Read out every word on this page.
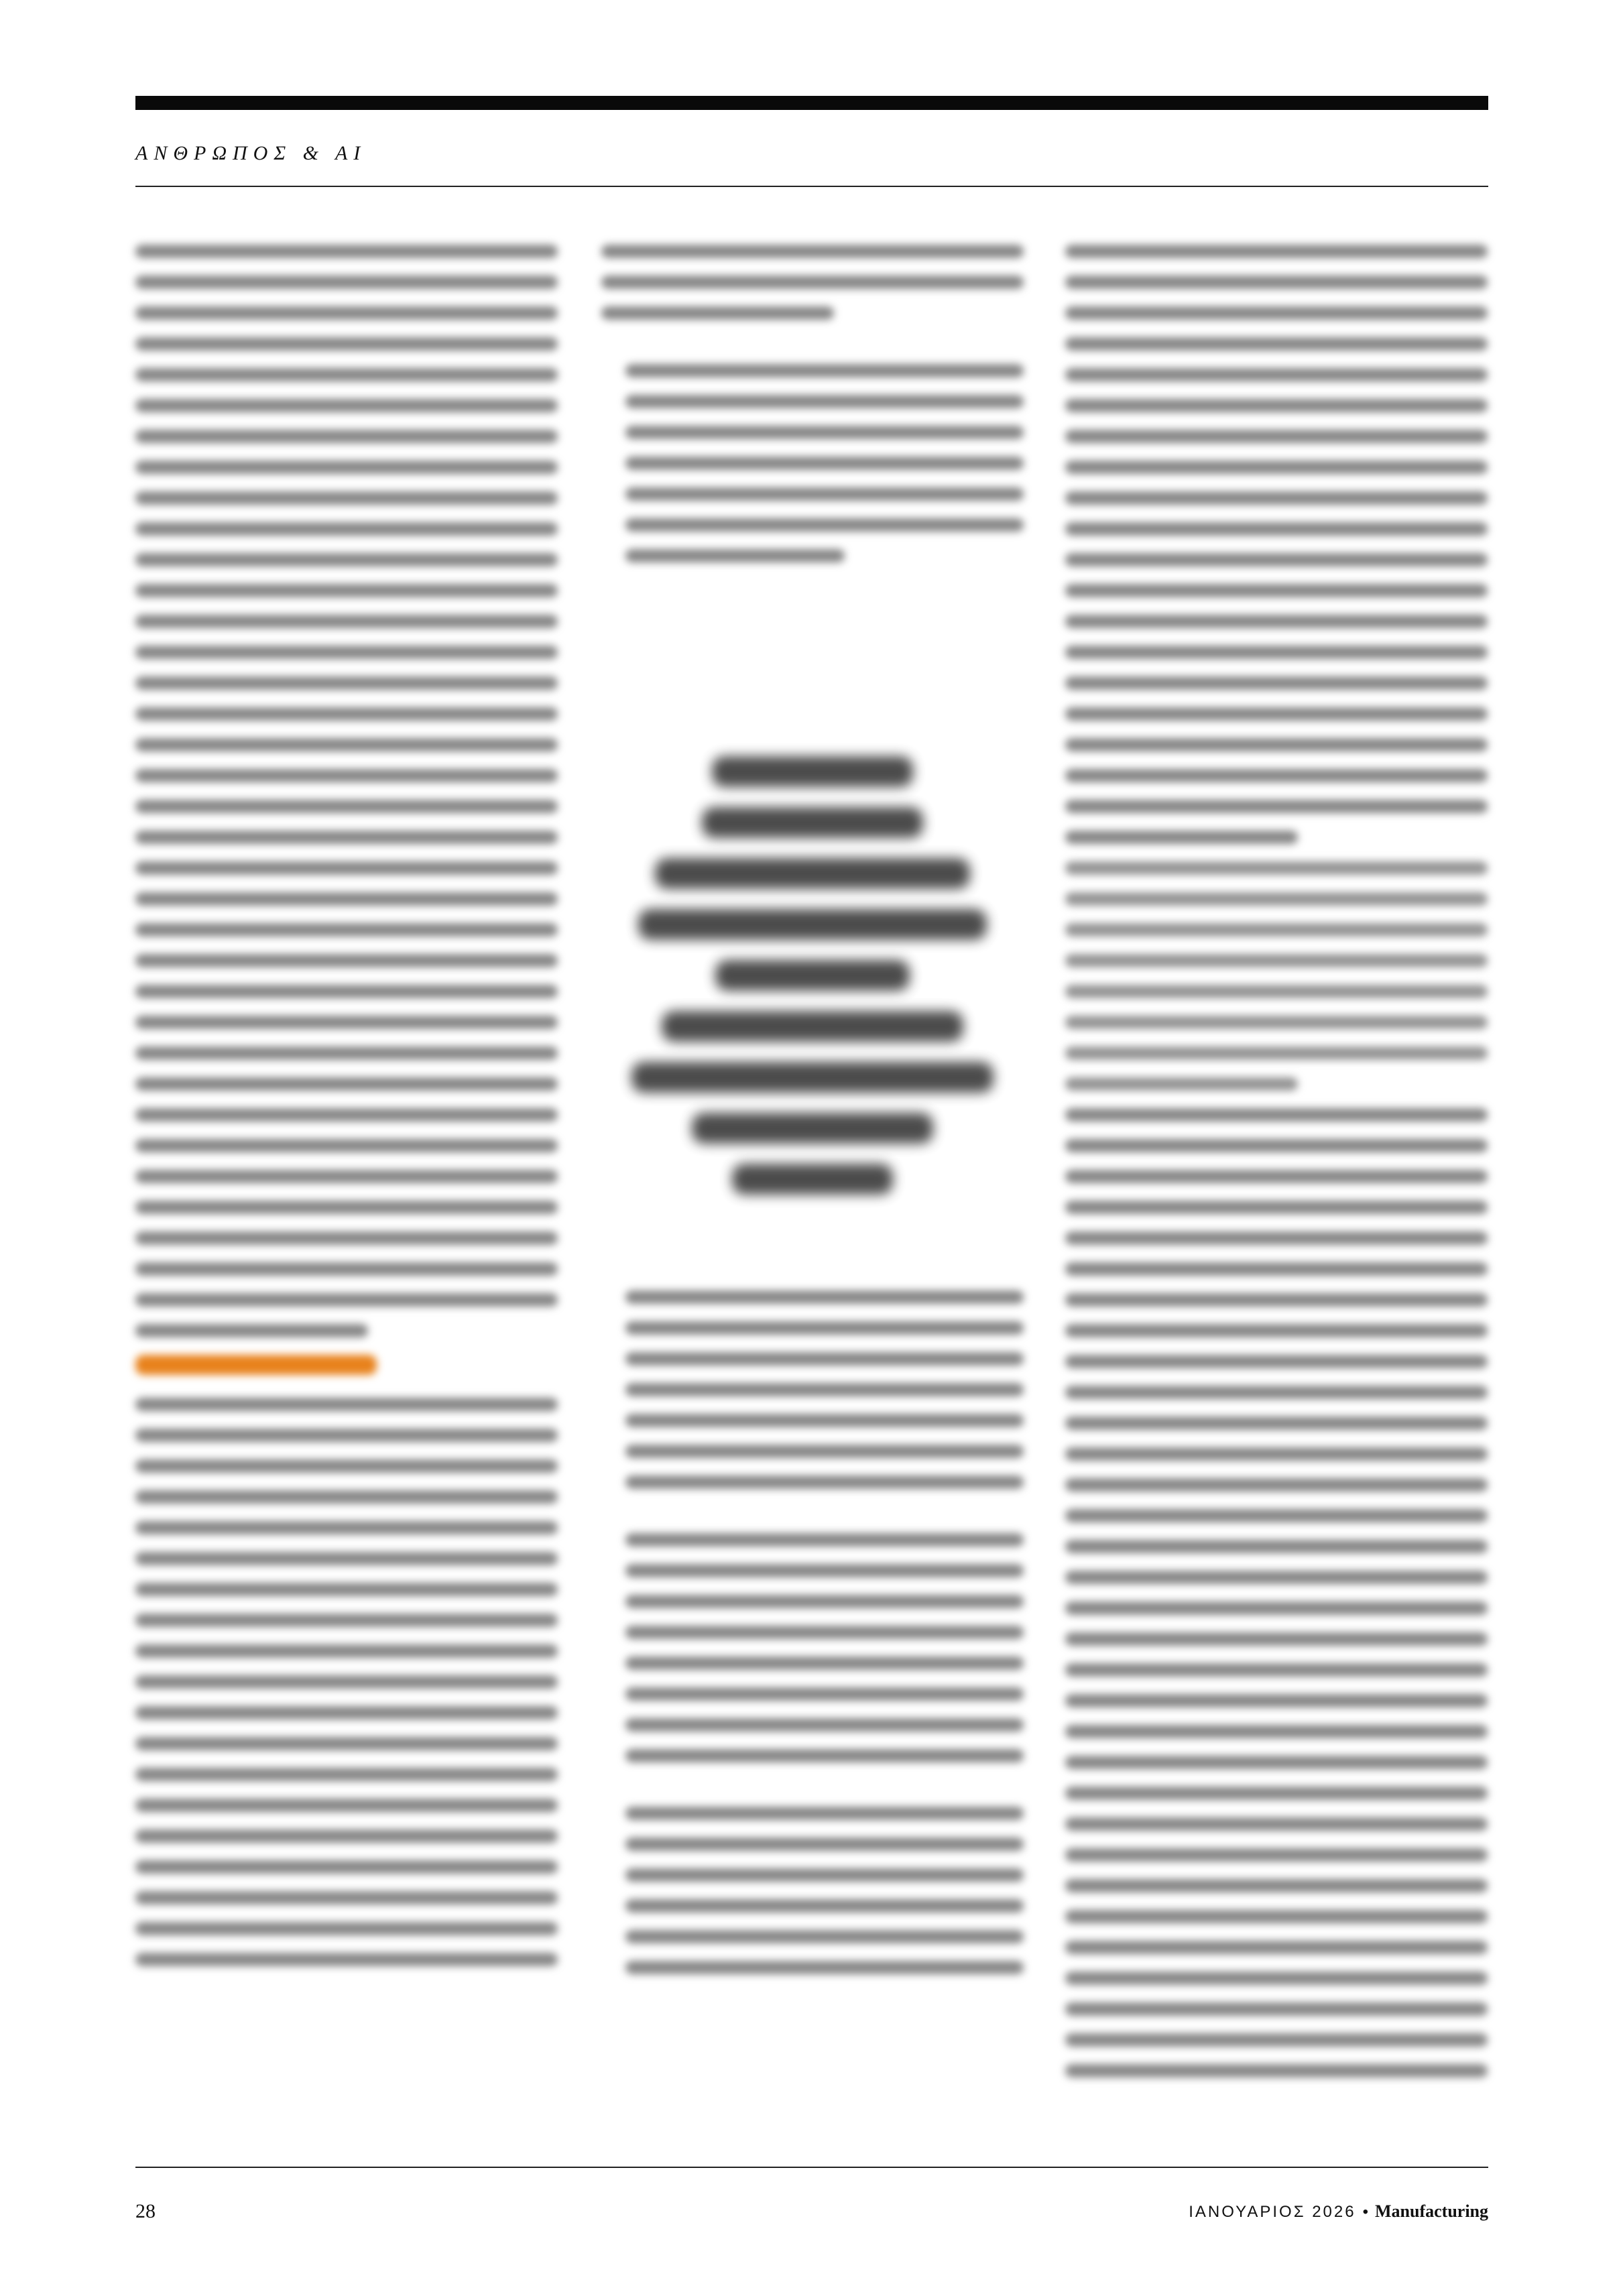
ΑΝΘΡΩΠΟΣ & ΑΙ
28	ΙΑΝΟΥΑΡΙΟΣ 2026 • Manufacturing
